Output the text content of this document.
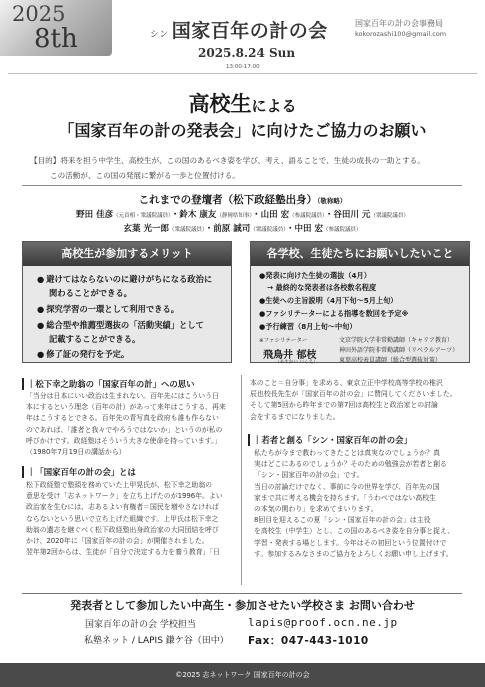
2025
8th	シン 国家百年の計の会	国家百年の計の会事務局
kokorozashi100@gmail.com
2025.8.24 Sun
13:00-17:00
高校生による
「国家百年の計の発表会」に向けたご協力のお願い
【目的】将来を担う中学生、高校生が、この国のあるべき姿を学び、考え、語ることで、生徒の成長の一助とする。
この活動が、この国の発展に繋がる一歩と位置付ける。
これまでの登壇者（松下政経塾出身）（敬称略）
野田 佳彦（元首相・衆議院議員）・鈴木 康友（静岡県知事）・山田 宏（参議院議員）・谷田川 元（衆議院議員）
玄葉 光一郎（衆議院議員）・前原 誠司（衆議院議員）・中田 宏（参議院議員）
高校生が参加するメリット
● 避けてはならないのに避けがちになる政治に
関わることができる。
● 探究学習の一環として利用できる。
● 総合型や推薦型選抜の「活動実績」として
記載することができる。
● 修了証の発行を予定。
各学校、生徒たちにお願いしたいこと
●発表に向けた生徒の選抜（4月）
→ 最終的な発表者は各校数名程度
●生徒への主旨説明（4月下旬〜5月上旬）
●ファシリテーターによる指導を数回を予定※
●予行練習（8月上旬〜中旬）
※ファシリテーター
飛鳥井 郁枝
（あすかい いくえ）
文京学院大学非常勤講師（キャリア教育）
神田外語学院非常勤講師（リベラルアーツ）
東葉高校表員講師（総合型選抜対策）
｜松下幸之助翁の「国家百年の計」への思い
「当分は日本にいい政治は生まれない。百年先にはこういう日
本にするという理念（百年の計）があって来年はこうする、再来
年はこうするとできる。百年先の青写真を政府も誰も作らない
のであれば、「誰者と我々でやろうではないか」というのが私の
呼びかけです。政経塾はそういう大きな使命を持っています。」
（1980年7月19日の講話から）
｜「国家百年の計の会」とは
松下政経塾で塾頭を務めていた上甲晃氏が、松下幸之助翁の
意思を受け「志ネットワーク」を立ち上げたのが1996年。よい
政治家を生むには、志あるよい有権者＝国民を増やさなければ
ならないという思いで立ち上げた組織です。上甲氏は松下幸之
助翁の遺志を継ぐべく松下政経塾出身政治家の大同団結を呼び
かけ、2020年に「国家百年の計の会」が開催されました。
翌年第2回からは、生徒が「自分で決定する力を養う教育」「日
本のこと＝自分事」を求める、東京立正中学校高等学校の椎沢
辰也校長先生が「国家百年の計の会」に賛同してくださいました。
そして第5回から昨年までの第7回は高校生と政治家との討論
会をするまでになりました。
｜若者と創る「シン・国家百年の計の会」
私たちが今まで教わってきたことは真実なのでしょうか？真
実はどこにあるのでしょうか？そのための勉強会が若者と創る
「シン・国家百年の計の会」です。
当日の討論だけでなく、事前に今の世界を学び、百年先の国
家まで共に考える機会を持ちます。「うわべではない高校生
の本気の関わり」を求めてまいります。
8回目を迎えるこの夏「シン・国家百年の計の会」は主役
を高校生（中学生）とし、この国のあるべき姿を自分事と捉え、
学習・発表する場とします。今年はその初回という位置付けで
す。参加するみなさまのご協力をよろしくお願い申し上げます。
発表者として参加したい中高生・参加させたい学校さま お問い合わせ
国家百年の計の会 学校担当
私塾ネット / LAPIS 鎌ケ谷（田中）
lapis@proof.ocn.ne.jp
Fax：047-443-1010
©2025 志ネットワーク 国家百年の計の会
